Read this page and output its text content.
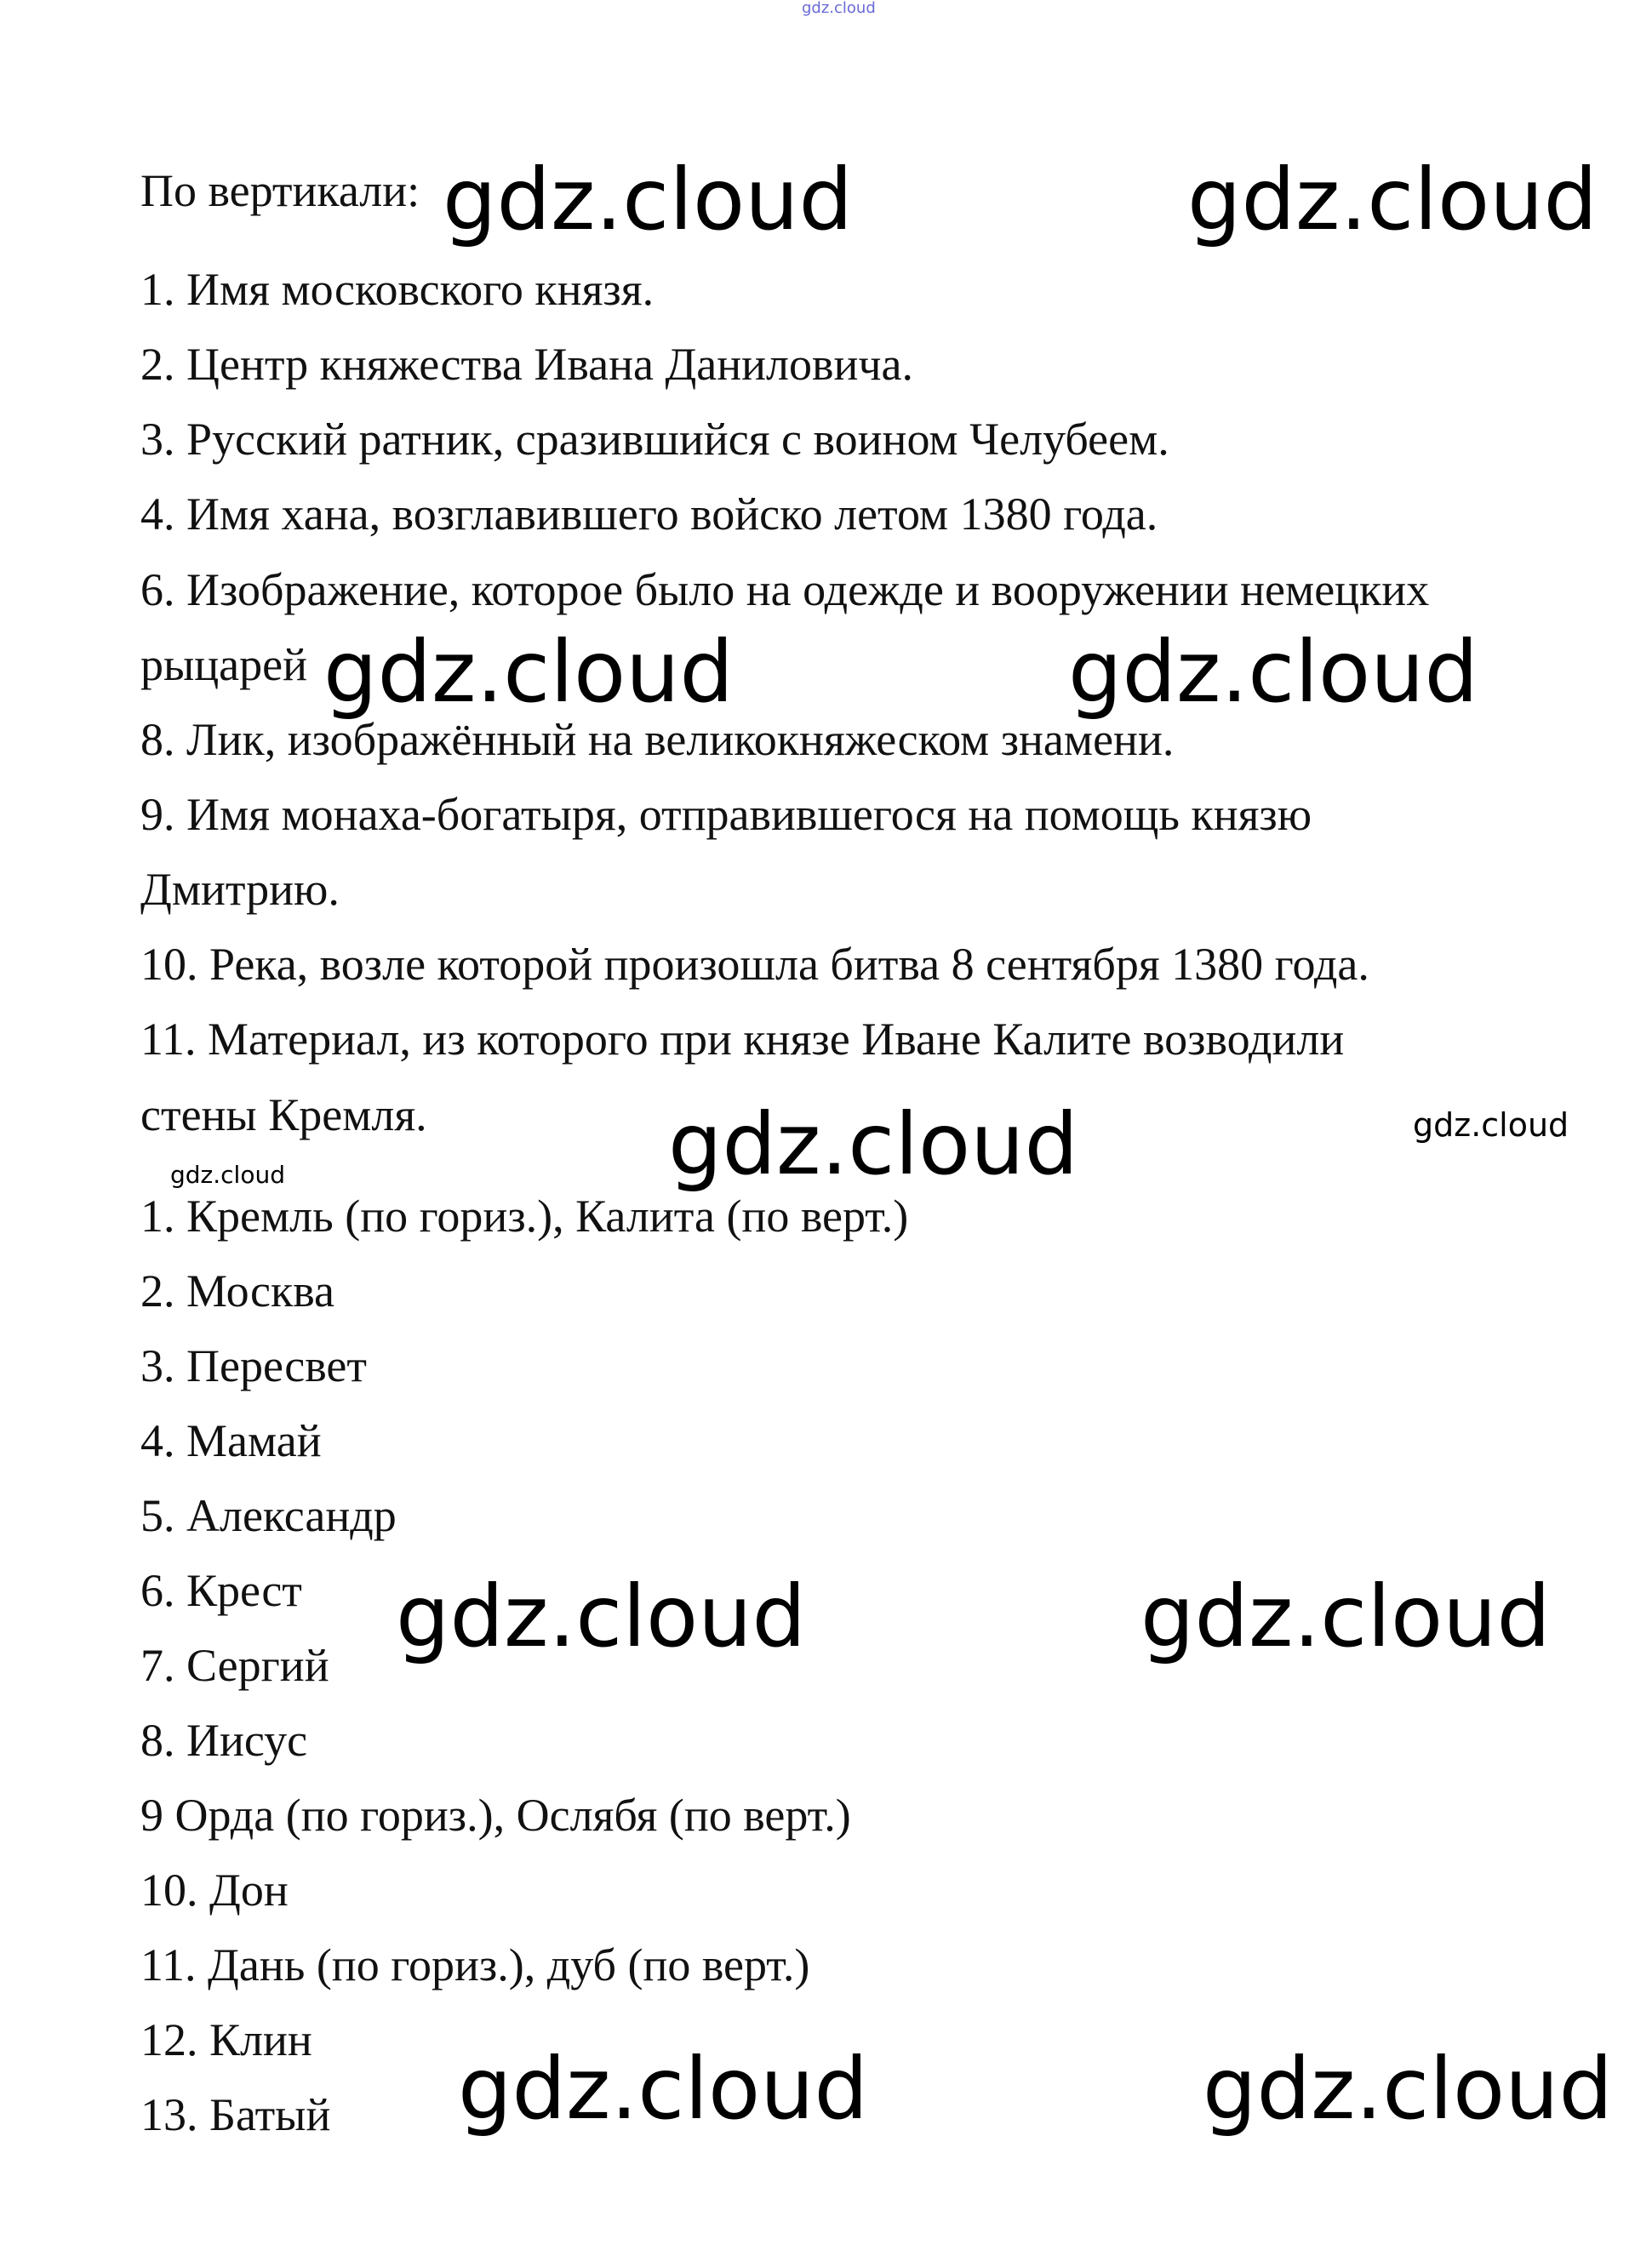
gdz.cloud
По вертикали:
1. Имя московского князя.
2. Центр княжества Ивана Даниловича.
3. Русский ратник, сразившийся с воином Челубеем.
4. Имя хана, возглавившего войско летом 1380 года.
6. Изображение, которое было на одежде и вооружении немецких
рыцарей
8. Лик, изображённый на великокняжеском знамени.
9. Имя монаха-богатыря, отправившегося на помощь князю
Дмитрию.
10. Река, возле которой произошла битва 8 сентября 1380 года.
11. Материал, из которого при князе Иване Калите возводили
стены Кремля.
1. Кремль (по гориз.), Калита (по верт.)
2. Москва
3. Пересвет
4. Мамай
5. Александр
6. Крест
7. Сергий
8. Иисус
9 Орда (по гориз.), Ослябя (по верт.)
10. Дон
11. Дань (по гориз.), дуб (по верт.)
12. Клин
13. Батый
gdz.cloud	gdz.cloud
gdz.cloud	gdz.cloud
gdz.cloud
gdz.cloud	gdz.cloud
gdz.cloud	gdz.cloud
gdz.cloud
gdz.cloud
